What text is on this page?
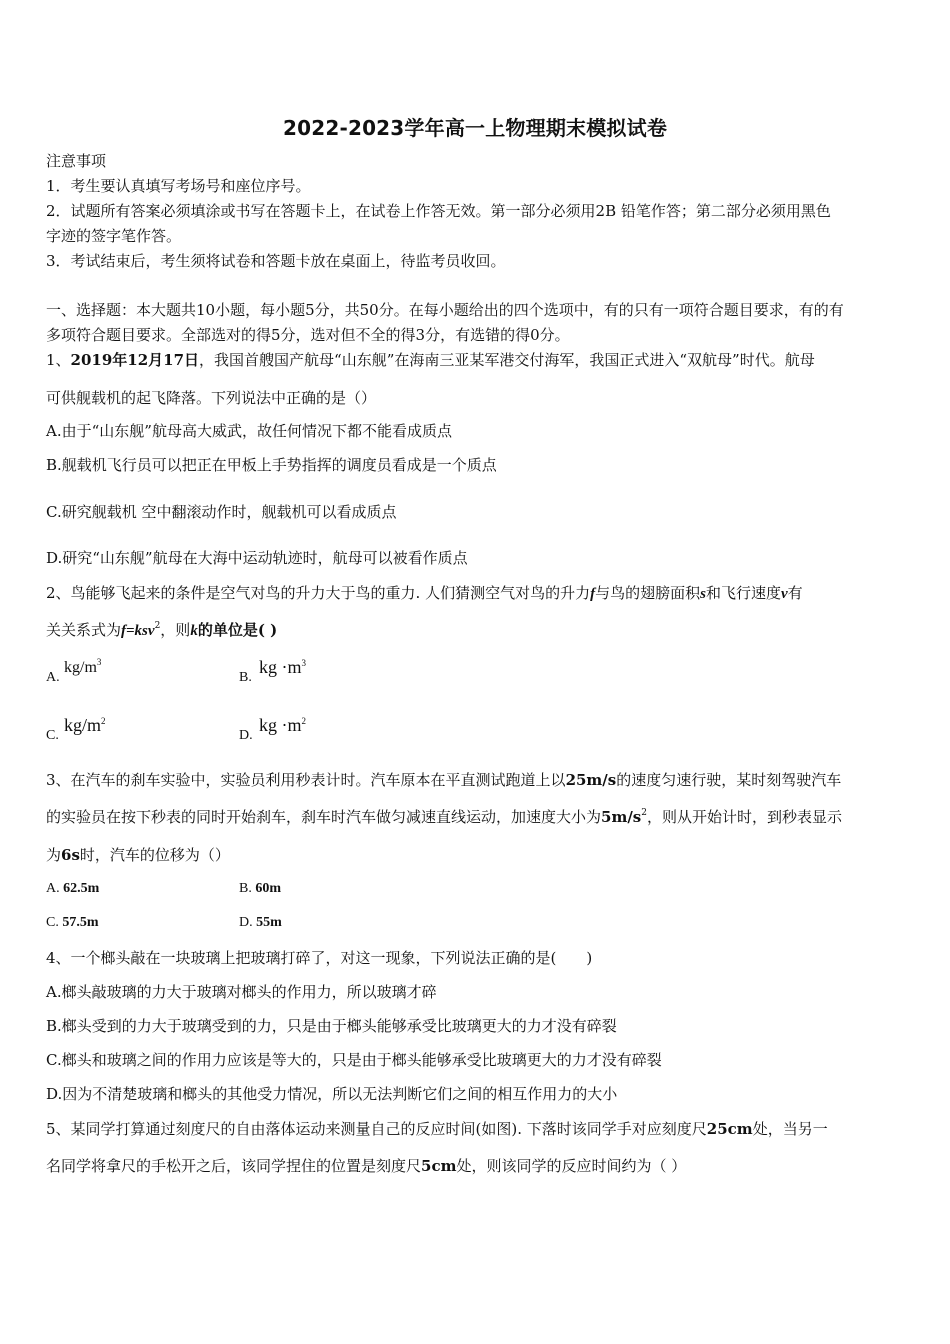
2022-2023学年高一上物理期末模拟试卷
注意事项
1．考生要认真填写考场号和座位序号。
2．试题所有答案必须填涂或书写在答题卡上，在试卷上作答无效。第一部分必须用2B 铅笔作答；第二部分必须用黑色
字迹的签字笔作答。
3．考试结束后，考生须将试卷和答题卡放在桌面上，待监考员收回。
一、选择题：本大题共10小题，每小题5分，共50分。在每小题给出的四个选项中，有的只有一项符合题目要求，有的有
多项符合题目要求。全部选对的得5分，选对但不全的得3分，有选错的得0分。
1、2019年12月17日，我国首艘国产航母“山东舰”在海南三亚某军港交付海军，我国正式进入“双航母”时代。航母
可供舰载机的起飞降落。下列说法中正确的是（）
A.由于“山东舰”航母高大威武，故任何情况下都不能看成质点
B.舰载机飞行员可以把正在甲板上手势指挥的调度员看成是一个质点
C.研究舰载机 空中翻滚动作时，舰载机可以看成质点
D.研究“山东舰”航母在大海中运动轨迹时，航母可以被看作质点
2、鸟能够飞起来的条件是空气对鸟的升力大于鸟的重力. 人们猜测空气对鸟的升力f与鸟的翅膀面积s和飞行速度v有
关关系式为f=ksv$^2$，则k的单位是( )
A.
$kg/m^3$
B.
kg $\cdot m^3$
C.
$kg/m^2$
D.
kg $\cdot m^2$
3、在汽车的刹车实验中，实验员利用秒表计时。汽车原本在平直测试跑道上以25m/s的速度匀速行驶，某时刻驾驶汽车
的实验员在按下秒表的同时开始刹车，刹车时汽车做匀减速直线运动，加速度大小为$5m/s^2$，则从开始计时，到秒表显示
为6s时，汽车的位移为（）
A. 62.5m	B. 60m
C. 57.5m	D. 55m
4、一个榔头敲在一块玻璃上把玻璃打碎了，对这一现象，下列说法正确的是(　　)
A.榔头敲玻璃的力大于玻璃对榔头的作用力，所以玻璃才碎
B.榔头受到的力大于玻璃受到的力，只是由于榔头能够承受比玻璃更大的力才没有碎裂
C.榔头和玻璃之间的作用力应该是等大的，只是由于榔头能够承受比玻璃更大的力才没有碎裂
D.因为不清楚玻璃和榔头的其他受力情况，所以无法判断它们之间的相互作用力的大小
5、某同学打算通过刻度尺的自由落体运动来测量自己的反应时间(如图). 下落时该同学手对应刻度尺25cm处，当另一
名同学将拿尺的手松开之后，该同学捏住的位置是刻度尺5cm处，则该同学的反应时间约为（ ）
